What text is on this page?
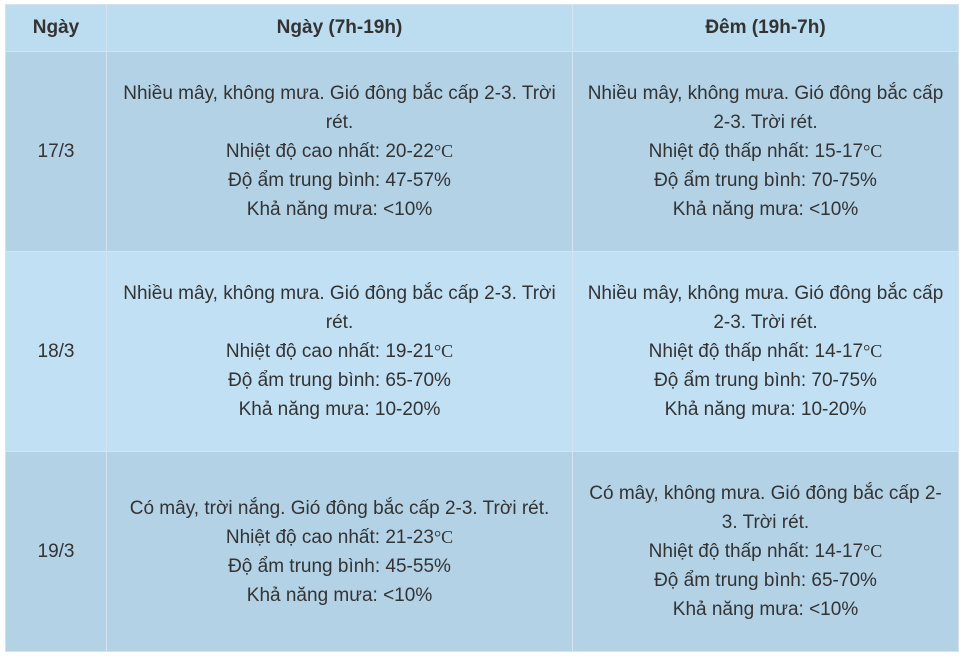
Ngày	Ngày (7h-19h)	Đêm (19h-7h)
17/3	Nhiều mây, không mưa. Gió đông bắc cấp 2-3. Trời rét.
Nhiệt độ cao nhất: 20-22°C
Độ ẩm trung bình: 47-57%
Khả năng mưa: <10%	Nhiều mây, không mưa. Gió đông bắc cấp 2-3. Trời rét.
Nhiệt độ thấp nhất: 15-17°C
Độ ẩm trung bình: 70-75%
Khả năng mưa: <10%

18/3	Nhiều mây, không mưa. Gió đông bắc cấp 2-3. Trời rét.
Nhiệt độ cao nhất: 19-21°C
Độ ẩm trung bình: 65-70%
Khả năng mưa: 10-20%	Nhiều mây, không mưa. Gió đông bắc cấp 2-3. Trời rét.
Nhiệt độ thấp nhất: 14-17°C
Độ ẩm trung bình: 70-75%
Khả năng mưa: 10-20%

19/3	Có mây, trời nắng. Gió đông bắc cấp 2-3. Trời rét.
Nhiệt độ cao nhất: 21-23°C
Độ ẩm trung bình: 45-55%
Khả năng mưa: <10%	Có mây, không mưa. Gió đông bắc cấp 2-3. Trời rét.
Nhiệt độ thấp nhất: 14-17°C
Độ ẩm trung bình: 65-70%
Khả năng mưa: <10%
